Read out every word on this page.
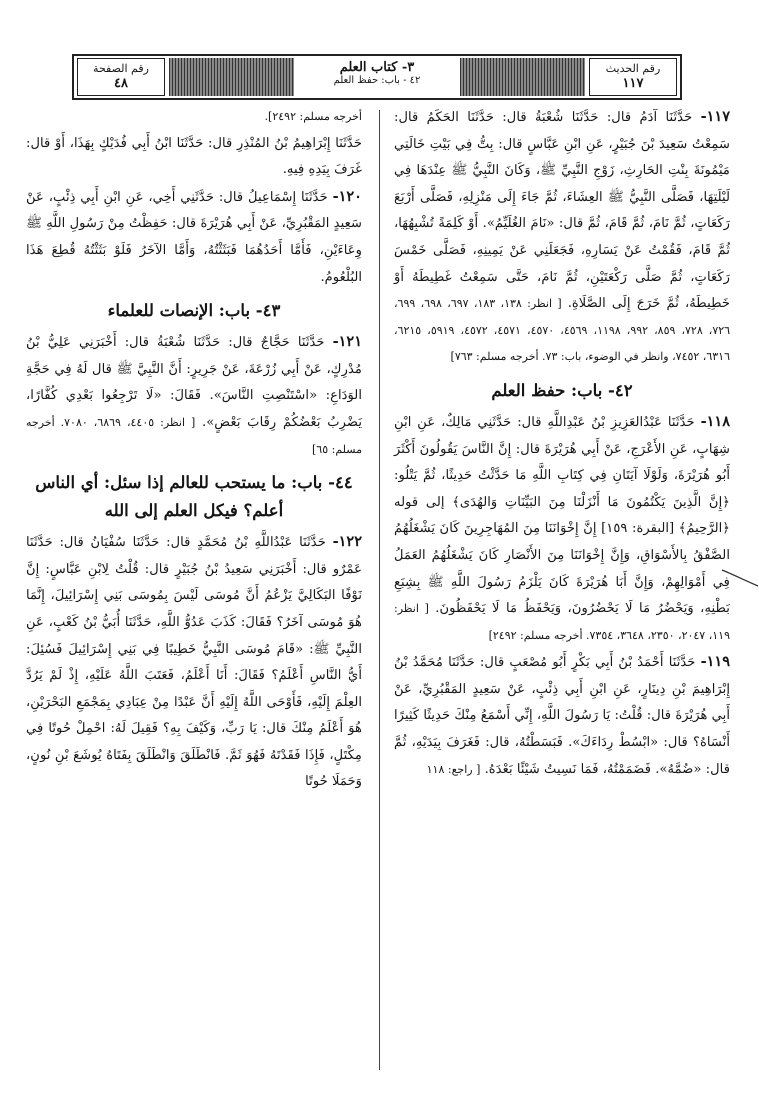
رقم الحديث
١١٧
٣- كتاب العلم
٤٢ - باب: حفظ العلم
رقم الصفحة
٤٨

١١٧- حَدَّثَنَا آدَمُ قال: حَدَّثَنَا شُعْبَةُ قال: حَدَّثَنَا الحَكَمُ قال: سَمِعْتُ سَعِيدَ بْنَ جُبَيْرٍ، عَنِ ابْنِ عَبَّاسٍ قال: بِتُّ فِي بَيْتِ خَالَتِي مَيْمُونَةَ بِنْتِ الحَارِثِ، زَوْجِ النَّبِيِّ ﷺ، وَكَانَ النَّبِيُّ ﷺ عِنْدَهَا فِي لَيْلَتِهَا، فَصَلَّى النَّبِيُّ ﷺ العِشَاءَ، ثُمَّ جَاءَ إِلَى مَنْزِلِهِ، فَصَلَّى أَرْبَعَ رَكَعَاتٍ، ثُمَّ نَامَ، ثُمَّ قَامَ، ثُمَّ قال: «نَامَ الغُلَيِّمُ». أَوْ كَلِمَةً تُشْبِهُهَا، ثُمَّ قَامَ، فَقُمْتُ عَنْ يَسَارِهِ، فَجَعَلَنِي عَنْ يَمِينِهِ، فَصَلَّى خَمْسَ رَكَعَاتٍ، ثُمَّ صَلَّى رَكْعَتَيْنِ، ثُمَّ نَامَ، حَتَّى سَمِعْتُ غَطِيطَهُ أَوْ خَطِيطَهُ، ثُمَّ خَرَجَ إِلَى الصَّلَاةِ. [ انظر: ١٣٨، ١٨٣، ٦٩٧، ٦٩٨، ٦٩٩، ٧٢٦، ٧٢٨، ٨٥٩، ٩٩٢، ١١٩٨، ٤٥٦٩، ٤٥٧٠، ٤٥٧١، ٤٥٧٢، ٥٩١٩، ٦٢١٥، ٦٣١٦، ٧٤٥٢، وانظر في الوضوء، باب: ٧٣. أخرجه مسلم: ٧٦٣]

٤٢- باب: حفظ العلم

١١٨- حَدَّثَنَا عَبْدُالعَزِيزِ بْنُ عَبْدِاللَّهِ قال: حَدَّثَنِي مَالِكٌ، عَنِ ابْنِ شِهَابٍ، عَنِ الأَعْرَجِ، عَنْ أَبِي هُرَيْرَةَ قال: إِنَّ النَّاسَ يَقُولُونَ أَكْثَرَ أَبُو هُرَيْرَةَ، وَلَوْلَا آيَتَانِ فِي كِتَابِ اللَّهِ مَا حَدَّثْتُ حَدِيثًا، ثُمَّ يَتْلُو: ﴿إِنَّ الَّذِينَ يَكْتُمُونَ مَا أَنْزَلْنَا مِنَ البَيِّنَاتِ وَالهُدَى﴾ إلى قوله ﴿الرَّحِيمُ﴾ [البقرة: ١٥٩] إِنَّ إِخْوَانَنَا مِنَ المُهَاجِرِينَ كَانَ يَشْغَلُهُمُ الصَّفْقُ بِالأَسْوَاقِ، وَإِنَّ إِخْوَانَنَا مِنَ الأَنْصَارِ كَانَ يَشْغَلُهُمُ العَمَلُ فِي أَمْوَالِهِمْ، وَإِنَّ أَبَا هُرَيْرَةَ كَانَ يَلْزَمُ رَسُولَ اللَّهِ ﷺ بِشِبَعِ بَطْنِهِ، وَيَحْضُرُ مَا لَا يَحْضُرُونَ، وَيَحْفَظُ مَا لَا يَحْفَظُونَ. [ انظر: ١١٩، ٢٠٤٧، ٢٣٥٠، ٣٦٤٨، ٧٣٥٤. أخرجه مسلم: ٢٤٩٢]

١١٩- حَدَّثَنَا أَحْمَدُ بْنُ أَبِي بَكْرٍ أَبُو مُصْعَبٍ قال: حَدَّثَنَا مُحَمَّدُ بْنُ إِبْرَاهِيمَ بْنِ دِينَارٍ، عَنِ ابْنِ أَبِي ذِئْبٍ، عَنْ سَعِيدٍ المَقْبُرِيِّ، عَنْ أَبِي هُرَيْرَةَ قال: قُلْتُ: يَا رَسُولَ اللَّهِ، إِنِّي أَسْمَعُ مِنْكَ حَدِيثًا كَثِيرًا أَنْسَاهُ؟ قال: «ابْسُطْ رِدَاءَكَ». فَبَسَطْتُهُ، قال: فَغَرَفَ بِيَدَيْهِ، ثُمَّ قال: «ضُمَّهُ». فَضَمَمْتُهُ، فَمَا نَسِيتُ شَيْئًا بَعْدَهُ. [ راجع: ١١٨

أخرجه مسلم: ٢٤٩٢].

حَدَّثَنَا إِبْرَاهِيمُ بْنُ المُنْذِرِ قال: حَدَّثَنَا ابْنُ أَبِي فُدَيْكٍ بِهَذَا، أَوْ قال: غَرَفَ بِيَدِهِ فِيهِ.

١٢٠- حَدَّثَنَا إِسْمَاعِيلُ قال: حَدَّثَنِي أَخِي، عَنِ ابْنِ أَبِي ذِئْبٍ، عَنْ سَعِيدٍ المَقْبُرِيِّ، عَنْ أَبِي هُرَيْرَةَ قال: حَفِظْتُ مِنْ رَسُولِ اللَّهِ ﷺ وِعَاءَيْنِ، فَأَمَّا أَحَدُهُمَا فَبَثَثْتُهُ، وَأَمَّا الآخَرُ فَلَوْ بَثَثْتُهُ قُطِعَ هَذَا البُلْعُومُ.

٤٣- باب: الإنصات للعلماء

١٢١- حَدَّثَنَا حَجَّاجٌ قال: حَدَّثَنَا شُعْبَةُ قال: أَخْبَرَنِي عَلِيُّ بْنُ مُدْرِكٍ، عَنْ أَبِي زُرْعَةَ، عَنْ جَرِيرٍ: أَنَّ النَّبِيَّ ﷺ قال لَهُ فِي حَجَّةِ الوَدَاعِ: «اسْتَنْصِتِ النَّاسَ». فَقَالَ: «لَا تَرْجِعُوا بَعْدِي كُفَّارًا، يَضْرِبُ بَعْضُكُمْ رِقَابَ بَعْضٍ». [ انظر: ٤٤٠٥، ٦٨٦٩، ٧٠٨٠. أخرجه مسلم: ٦٥]

٤٤- باب: ما يستحب للعالم إذا سئل: أي الناس أعلم؟ فيكل العلم إلى الله

١٢٢- حَدَّثَنَا عَبْدُاللَّهِ بْنُ مُحَمَّدٍ قال: حَدَّثَنَا سُفْيَانُ قال: حَدَّثَنَا عَمْرٌو قال: أَخْبَرَنِي سَعِيدُ بْنُ جُبَيْرٍ قال: قُلْتُ لِابْنِ عَبَّاسٍ: إِنَّ نَوْفًا البَكَالِيَّ يَزْعُمُ أَنَّ مُوسَى لَيْسَ بِمُوسَى بَنِي إِسْرَائِيلَ، إِنَّمَا هُوَ مُوسَى آخَرُ؟ فَقَالَ: كَذَبَ عَدُوُّ اللَّهِ، حَدَّثَنَا أُبَيُّ بْنُ كَعْبٍ، عَنِ النَّبِيِّ ﷺ: «قَامَ مُوسَى النَّبِيُّ خَطِيبًا فِي بَنِي إِسْرَائِيلَ فَسُئِلَ: أَيُّ النَّاسِ أَعْلَمُ؟ فَقَالَ: أَنَا أَعْلَمُ، فَعَتَبَ اللَّهُ عَلَيْهِ، إِذْ لَمْ يَرُدَّ العِلْمَ إِلَيْهِ، فَأَوْحَى اللَّهُ إِلَيْهِ أَنَّ عَبْدًا مِنْ عِبَادِي بِمَجْمَعِ البَحْرَيْنِ، هُوَ أَعْلَمُ مِنْكَ قال: يَا رَبِّ، وَكَيْفَ بِهِ؟ فَقِيلَ لَهُ: احْمِلْ حُوتًا فِي مِكْتَلٍ، فَإِذَا فَقَدْتَهُ فَهُوَ ثَمَّ. فَانْطَلَقَ وَانْطَلَقَ بِفَتَاهُ يُوشَعَ بْنِ نُونٍ، وَحَمَلَا حُوتًا
